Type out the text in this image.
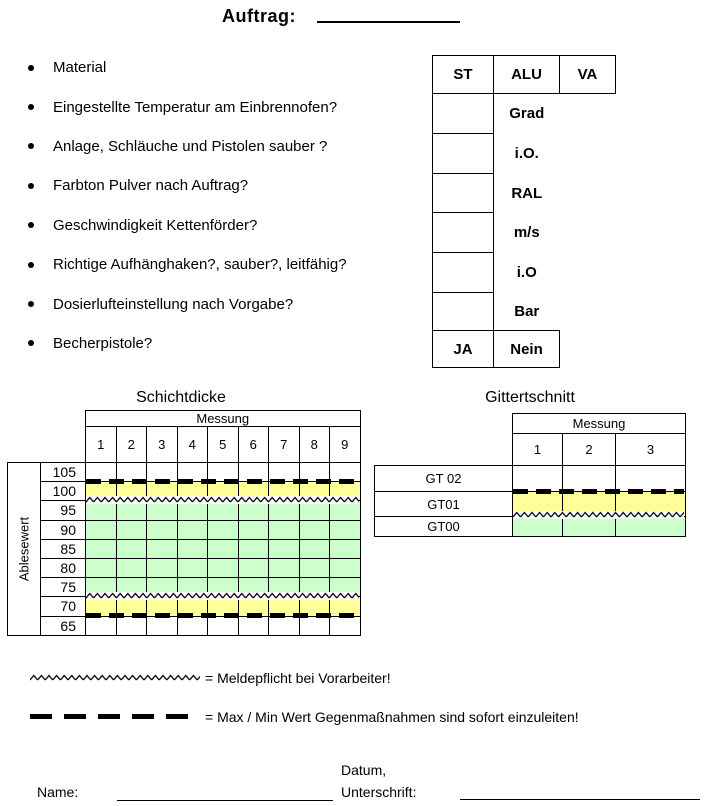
Auftrag:
Material
Eingestellte Temperatur am Einbrennofen?
Anlage, Schläuche und Pistolen sauber ?
Farbton Pulver nach Auftrag?
Geschwindigkeit Kettenförder?
Richtige Aufhänghaken?, sauber?, leitfähig?
Dosierlufteinstellung nach Vorgabe?
Becherpistole?
ST	ALU	VA
	Grad	
	i.O.	
	RAL	
	m/s	
	i.O	
	Bar	
JA	Nein	
Schichtdicke
		Messung								
		1	2	3	4	5	6	7	8	9

Ablesewert	105									
	100									
	95									
	90									
	85									
	80									
	75									
	70									
	65									
Gittertschnitt
	Messung		
	1	2	3
GT 02			
GT01			
GT00			
= Meldepflicht bei Vorarbeiter!
= Max / Min Wert Gegenmaßnahmen sind sofort einzuleiten!
Name:
Datum,
Unterschrift:
